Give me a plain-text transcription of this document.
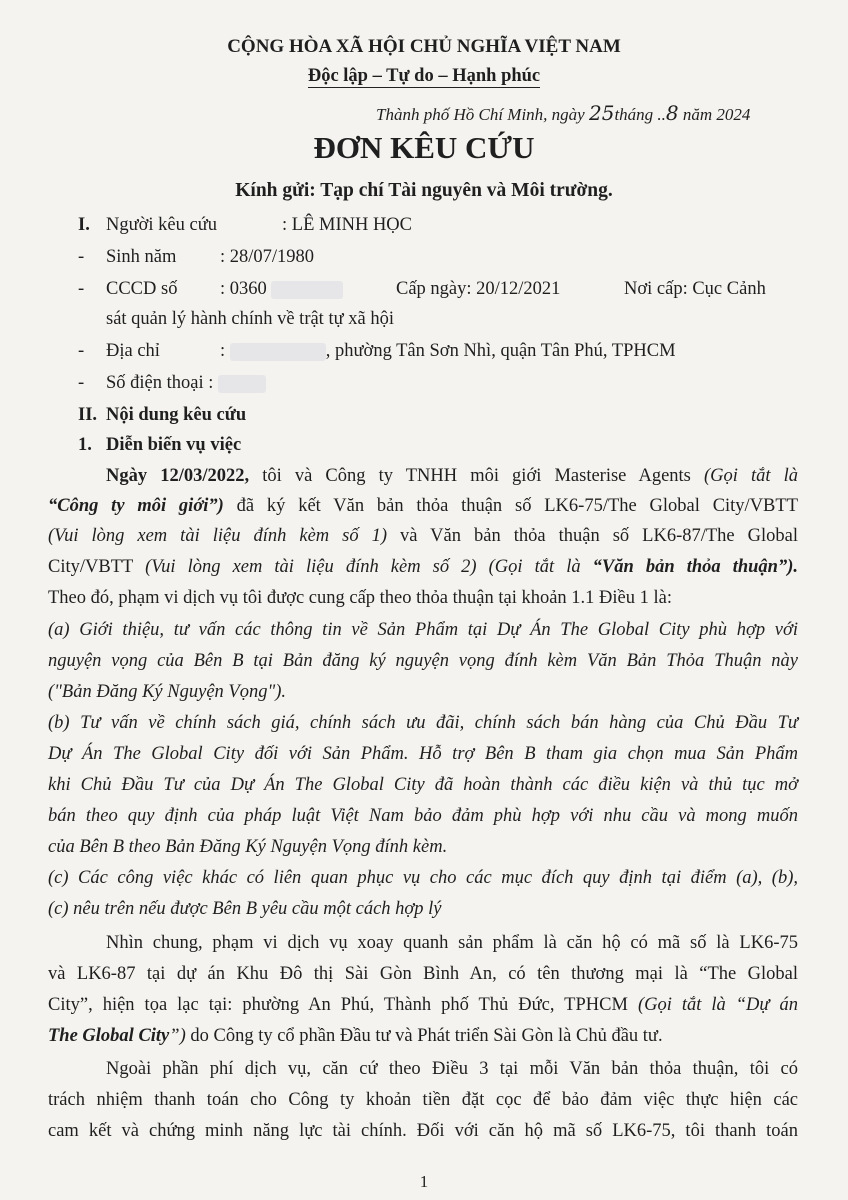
CỘNG HÒA XÃ HỘI CHỦ NGHĨA VIỆT NAM
Độc lập – Tự do – Hạnh phúc
Thành phố Hồ Chí Minh, ngày 25tháng ..8 năm 2024
ĐƠN KÊU CỨU
Kính gửi: Tạp chí Tài nguyên và Môi trường.
I. Người kêu cứu	: LÊ MINH HỌC
- Sinh năm : 28/07/1980
- CCCD số : 0360	Cấp ngày: 20/12/2021	Nơi cấp: Cục Cảnh
sát quản lý hành chính về trật tự xã hội
- Địa chỉ	:	, phường Tân Sơn Nhì, quận Tân Phú, TPHCM
- Số điện thoại :
II. Nội dung kêu cứu
1. Diễn biến vụ việc
Ngày 12/03/2022, tôi và Công ty TNHH môi giới Masterise Agents (Gọi tắt là
“Công ty môi giới”) đã ký kết Văn bản thỏa thuận số LK6-75/The Global City/VBTT
(Vui lòng xem tài liệu đính kèm số 1) và Văn bản thỏa thuận số LK6-87/The Global
City/VBTT (Vui lòng xem tài liệu đính kèm số 2) (Gọi tắt là “Văn bản thỏa thuận”).
Theo đó, phạm vi dịch vụ tôi được cung cấp theo thỏa thuận tại khoản 1.1 Điều 1 là:
(a) Giới thiệu, tư vấn các thông tin về Sản Phẩm tại Dự Án The Global City phù hợp với
nguyện vọng của Bên B tại Bản đăng ký nguyện vọng đính kèm Văn Bản Thỏa Thuận này
("Bản Đăng Ký Nguyện Vọng").
(b) Tư vấn về chính sách giá, chính sách ưu đãi, chính sách bán hàng của Chủ Đầu Tư
Dự Án The Global City đối với Sản Phẩm. Hỗ trợ Bên B tham gia chọn mua Sản Phẩm
khi Chủ Đầu Tư của Dự Án The Global City đã hoàn thành các điều kiện và thủ tục mở
bán theo quy định của pháp luật Việt Nam bảo đảm phù hợp với nhu cầu và mong muốn
của Bên B theo Bản Đăng Ký Nguyện Vọng đính kèm.
(c) Các công việc khác có liên quan phục vụ cho các mục đích quy định tại điểm (a), (b),
(c) nêu trên nếu được Bên B yêu cầu một cách hợp lý
Nhìn chung, phạm vi dịch vụ xoay quanh sản phẩm là căn hộ có mã số là LK6-75
và LK6-87 tại dự án Khu Đô thị Sài Gòn Bình An, có tên thương mại là “The Global
City”, hiện tọa lạc tại: phường An Phú, Thành phố Thủ Đức, TPHCM (Gọi tắt là “Dự án
The Global City”) do Công ty cổ phần Đầu tư và Phát triển Sài Gòn là Chủ đầu tư.
Ngoài phần phí dịch vụ, căn cứ theo Điều 3 tại mỗi Văn bản thỏa thuận, tôi có
trách nhiệm thanh toán cho Công ty khoản tiền đặt cọc để bảo đảm việc thực hiện các
cam kết và chứng minh năng lực tài chính. Đối với căn hộ mã số LK6-75, tôi thanh toán
1
